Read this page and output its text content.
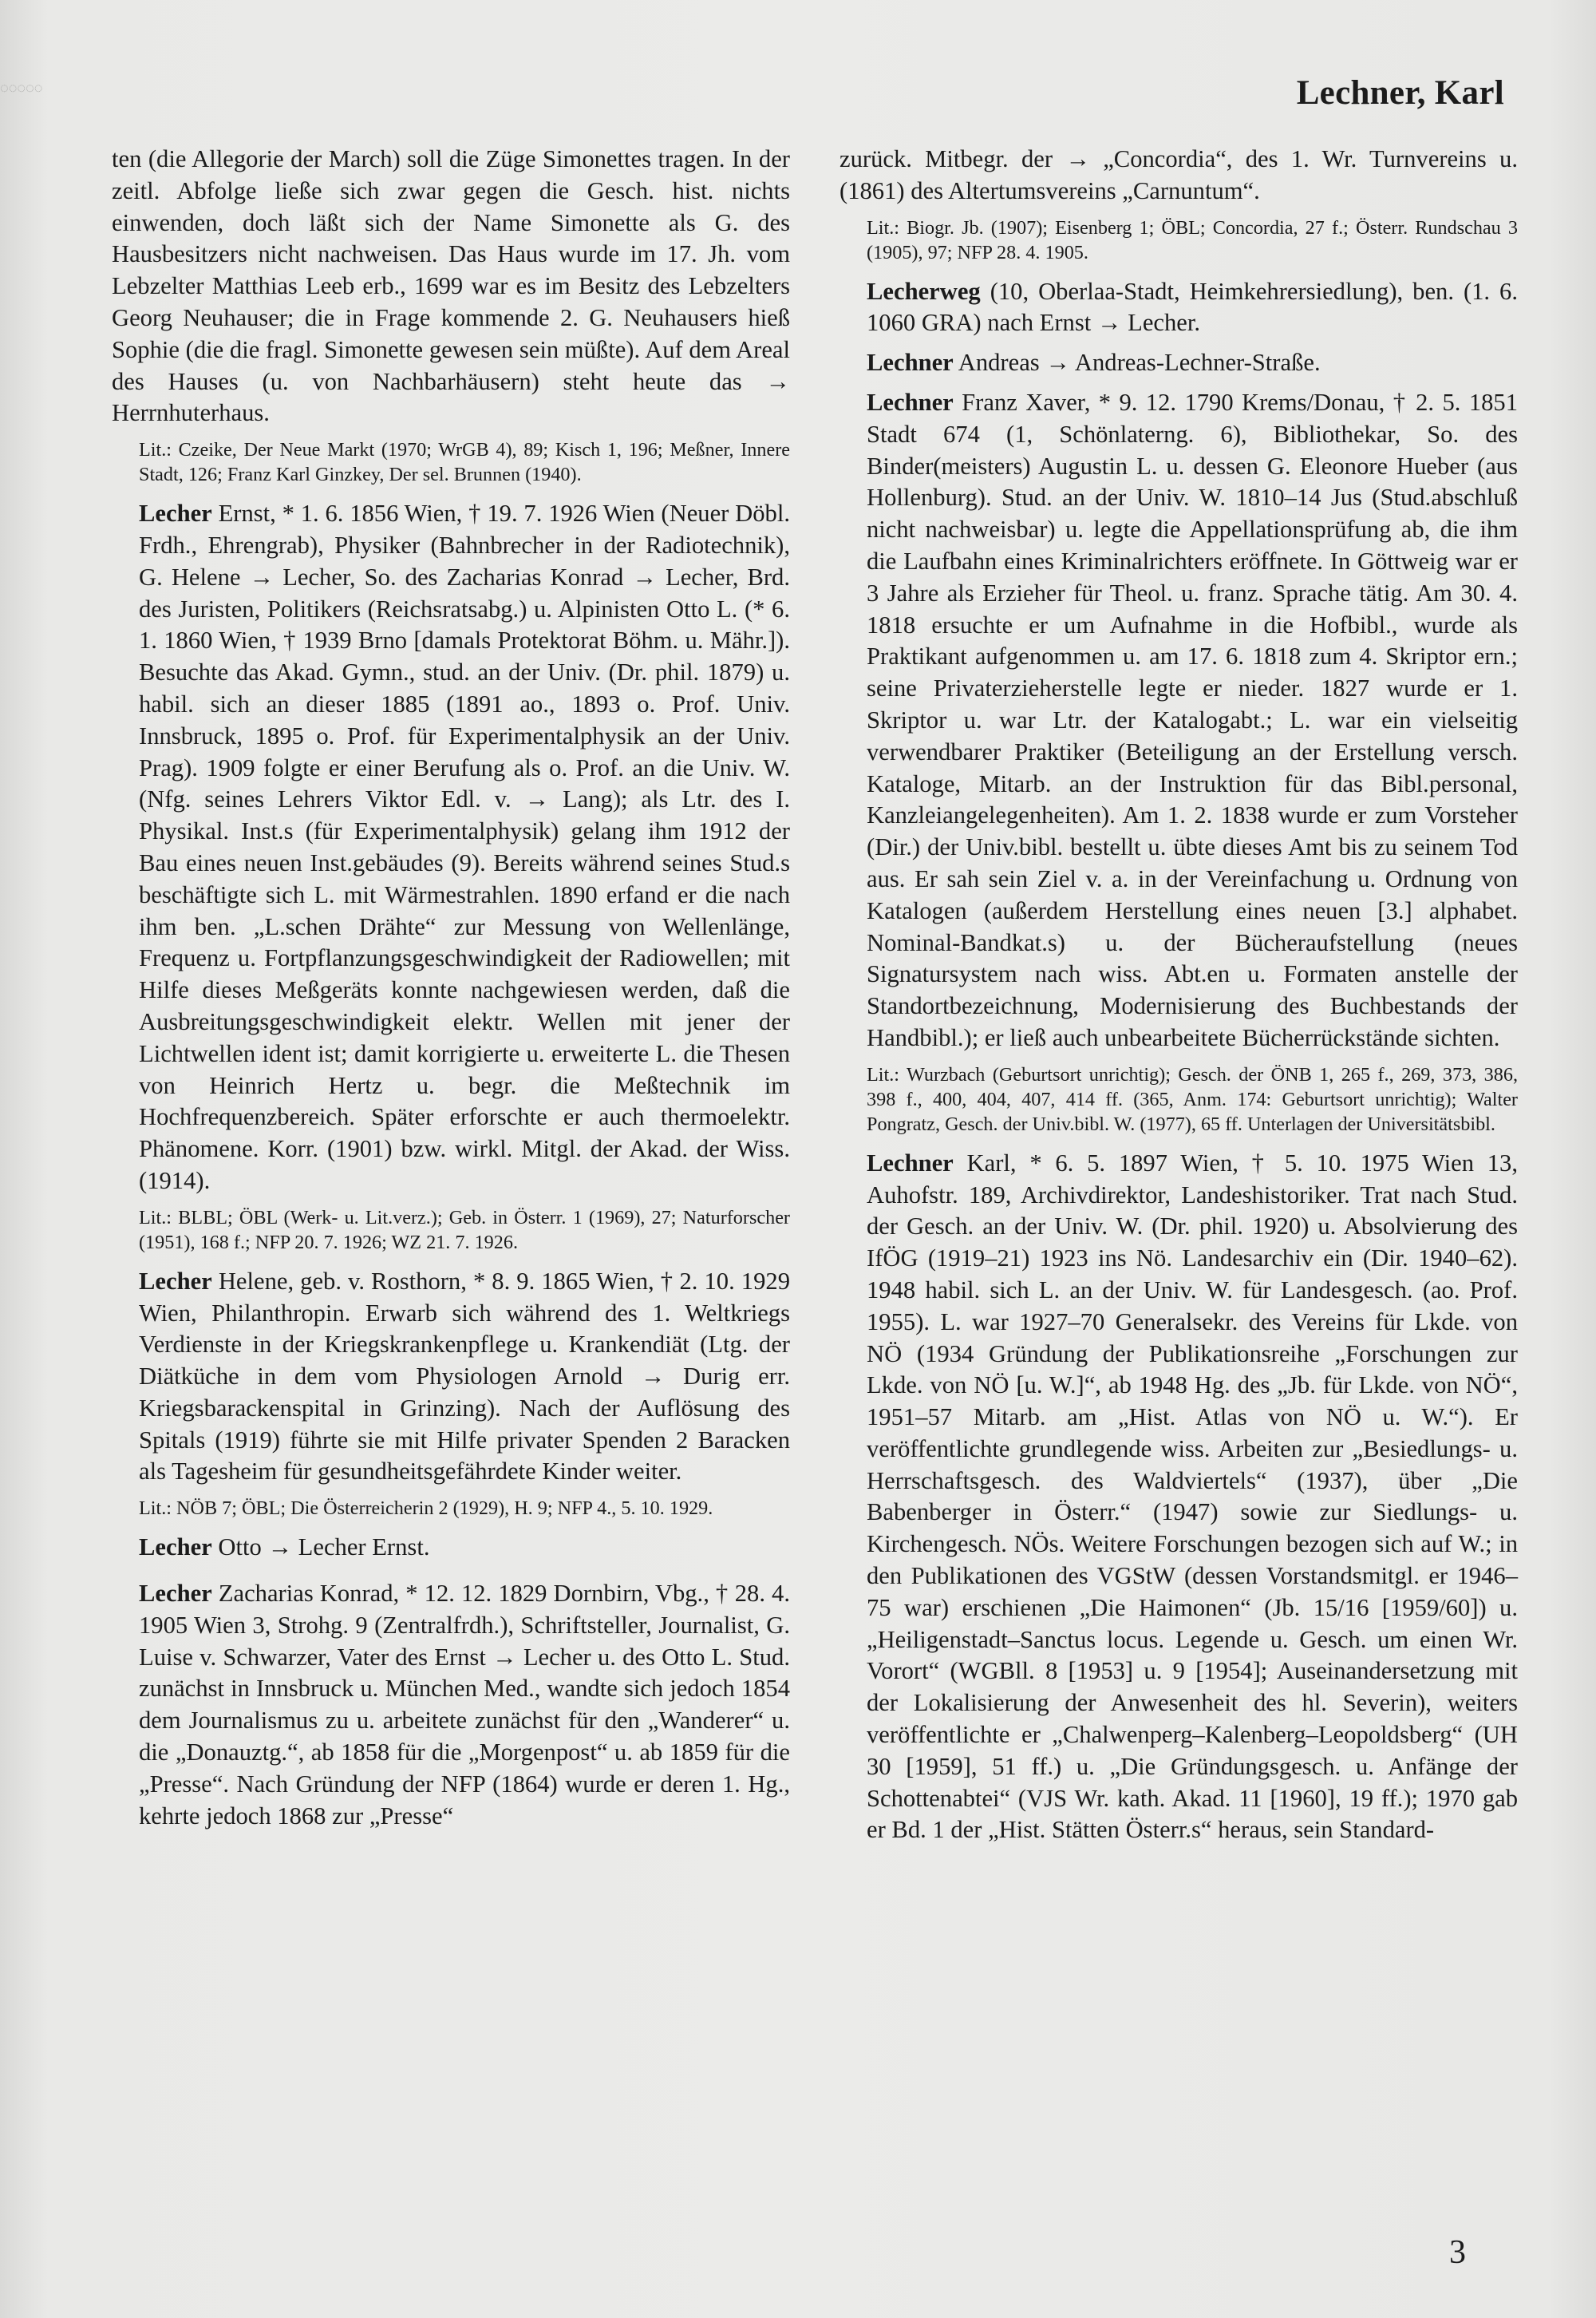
◌◌◌◌◌	Lechner, Karl

ten (die Allegorie der March) soll die Züge Simonettes tragen. In der zeitl. Abfolge ließe sich zwar gegen die Gesch. hist. nichts einwenden, doch läßt sich der Name Simonette als G. des Hausbesitzers nicht nachweisen. Das Haus wurde im 17. Jh. vom Lebzelter Matthias Leeb erb., 1699 war es im Besitz des Lebzelters Georg Neuhauser; die in Frage kommende 2. G. Neuhausers hieß Sophie (die die fragl. Simonette gewesen sein müßte). Auf dem Areal des Hauses (u. von Nachbarhäusern) steht heute das → Herrnhuterhaus.

Lit.: Czeike, Der Neue Markt (1970; WrGB 4), 89; Kisch 1, 196; Meßner, Innere Stadt, 126; Franz Karl Ginzkey, Der sel. Brunnen (1940).

Lecher Ernst, * 1. 6. 1856 Wien, † 19. 7. 1926 Wien (Neuer Döbl. Frdh., Ehrengrab), Physiker (Bahnbrecher in der Radiotechnik), G. Helene → Lecher, So. des Zacharias Konrad → Lecher, Brd. des Juristen, Politikers (Reichsratsabg.) u. Alpinisten Otto L. (* 6. 1. 1860 Wien, † 1939 Brno [damals Protektorat Böhm. u. Mähr.]). Besuchte das Akad. Gymn., stud. an der Univ. (Dr. phil. 1879) u. habil. sich an dieser 1885 (1891 ao., 1893 o. Prof. Univ. Innsbruck, 1895 o. Prof. für Experimentalphysik an der Univ. Prag). 1909 folgte er einer Berufung als o. Prof. an die Univ. W. (Nfg. seines Lehrers Viktor Edl. v. → Lang); als Ltr. des I. Physikal. Inst.s (für Experimentalphysik) gelang ihm 1912 der Bau eines neuen Inst.gebäudes (9). Bereits während seines Stud.s beschäftigte sich L. mit Wärmestrahlen. 1890 erfand er die nach ihm ben. „L.schen Drähte“ zur Messung von Wellenlänge, Frequenz u. Fortpflanzungsgeschwindigkeit der Radiowellen; mit Hilfe dieses Meßgeräts konnte nachgewiesen werden, daß die Ausbreitungsgeschwindigkeit elektr. Wellen mit jener der Lichtwellen ident ist; damit korrigierte u. erweiterte L. die Thesen von Heinrich Hertz u. begr. die Meßtechnik im Hochfrequenzbereich. Später erforschte er auch thermoelektr. Phänomene. Korr. (1901) bzw. wirkl. Mitgl. der Akad. der Wiss. (1914).

Lit.: BLBL; ÖBL (Werk- u. Lit.verz.); Geb. in Österr. 1 (1969), 27; Naturforscher (1951), 168 f.; NFP 20. 7. 1926; WZ 21. 7. 1926.

Lecher Helene, geb. v. Rosthorn, * 8. 9. 1865 Wien, † 2. 10. 1929 Wien, Philanthropin. Erwarb sich während des 1. Weltkriegs Verdienste in der Kriegskrankenpflege u. Krankendiät (Ltg. der Diätküche in dem vom Physiologen Arnold → Durig err. Kriegsbarackenspital in Grinzing). Nach der Auflösung des Spitals (1919) führte sie mit Hilfe privater Spenden 2 Baracken als Tagesheim für gesundheitsgefährdete Kinder weiter.

Lit.: NÖB 7; ÖBL; Die Österreicherin 2 (1929), H. 9; NFP 4., 5. 10. 1929.

Lecher Otto → Lecher Ernst.

Lecher Zacharias Konrad, * 12. 12. 1829 Dornbirn, Vbg., † 28. 4. 1905 Wien 3, Strohg. 9 (Zentralfrdh.), Schriftsteller, Journalist, G. Luise v. Schwarzer, Vater des Ernst → Lecher u. des Otto L. Stud. zunächst in Innsbruck u. München Med., wandte sich jedoch 1854 dem Journalismus zu u. arbeitete zunächst für den „Wanderer“ u. die „Donauztg.“, ab 1858 für die „Morgenpost“ u. ab 1859 für die „Presse“. Nach Gründung der NFP (1864) wurde er deren 1. Hg., kehrte jedoch 1868 zur „Presse“

zurück. Mitbegr. der → „Concordia“, des 1. Wr. Turnvereins u. (1861) des Altertumsvereins „Carnuntum“.

Lit.: Biogr. Jb. (1907); Eisenberg 1; ÖBL; Concordia, 27 f.; Österr. Rundschau 3 (1905), 97; NFP 28. 4. 1905.

Lecherweg (10, Oberlaa-Stadt, Heimkehrersiedlung), ben. (1. 6. 1060 GRA) nach Ernst → Lecher.

Lechner Andreas → Andreas-Lechner-Straße.

Lechner Franz Xaver, * 9. 12. 1790 Krems/Donau, † 2. 5. 1851 Stadt 674 (1, Schönlaterng. 6), Bibliothekar, So. des Binder(meisters) Augustin L. u. dessen G. Eleonore Hueber (aus Hollenburg). Stud. an der Univ. W. 1810–14 Jus (Stud.abschluß nicht nachweisbar) u. legte die Appellationsprüfung ab, die ihm die Laufbahn eines Kriminalrichters eröffnete. In Göttweig war er 3 Jahre als Erzieher für Theol. u. franz. Sprache tätig. Am 30. 4. 1818 ersuchte er um Aufnahme in die Hofbibl., wurde als Praktikant aufgenommen u. am 17. 6. 1818 zum 4. Skriptor ern.; seine Privaterzieherstelle legte er nieder. 1827 wurde er 1. Skriptor u. war Ltr. der Katalogabt.; L. war ein vielseitig verwendbarer Praktiker (Beteiligung an der Erstellung versch. Kataloge, Mitarb. an der Instruktion für das Bibl.personal, Kanzleiangelegenheiten). Am 1. 2. 1838 wurde er zum Vorsteher (Dir.) der Univ.bibl. bestellt u. übte dieses Amt bis zu seinem Tod aus. Er sah sein Ziel v. a. in der Vereinfachung u. Ordnung von Katalogen (außerdem Herstellung eines neuen [3.] alphabet. Nominal-Bandkat.s) u. der Bücheraufstellung (neues Signatursystem nach wiss. Abt.en u. Formaten anstelle der Standortbezeichnung, Modernisierung des Buchbestands der Handbibl.); er ließ auch unbearbeitete Bücherrückstände sichten.

Lit.: Wurzbach (Geburtsort unrichtig); Gesch. der ÖNB 1, 265 f., 269, 373, 386, 398 f., 400, 404, 407, 414 ff. (365, Anm. 174: Geburtsort unrichtig); Walter Pongratz, Gesch. der Univ.bibl. W. (1977), 65 ff. Unterlagen der Universitätsbibl.

Lechner Karl, * 6. 5. 1897 Wien, † 5. 10. 1975 Wien 13, Auhofstr. 189, Archivdirektor, Landeshistoriker. Trat nach Stud. der Gesch. an der Univ. W. (Dr. phil. 1920) u. Absolvierung des IfÖG (1919–21) 1923 ins Nö. Landesarchiv ein (Dir. 1940–62). 1948 habil. sich L. an der Univ. W. für Landesgesch. (ao. Prof. 1955). L. war 1927–70 Generalsekr. des Vereins für Lkde. von NÖ (1934 Gründung der Publikationsreihe „Forschungen zur Lkde. von NÖ [u. W.]“, ab 1948 Hg. des „Jb. für Lkde. von NÖ“, 1951–57 Mitarb. am „Hist. Atlas von NÖ u. W.“). Er veröffentlichte grundlegende wiss. Arbeiten zur „Besiedlungs- u. Herrschaftsgesch. des Waldviertels“ (1937), über „Die Babenberger in Österr.“ (1947) sowie zur Siedlungs- u. Kirchengesch. NÖs. Weitere Forschungen bezogen sich auf W.; in den Publikationen des VGStW (dessen Vorstandsmitgl. er 1946–75 war) erschienen „Die Haimonen“ (Jb. 15/16 [1959/60]) u. „Heiligenstadt–Sanctus locus. Legende u. Gesch. um einen Wr. Vorort“ (WGBll. 8 [1953] u. 9 [1954]; Auseinandersetzung mit der Lokalisierung der Anwesenheit des hl. Severin), weiters veröffentlichte er „Chalwenperg–Kalenberg–Leopoldsberg“ (UH 30 [1959], 51 ff.) u. „Die Gründungsgesch. u. Anfänge der Schottenabtei“ (VJS Wr. kath. Akad. 11 [1960], 19 ff.); 1970 gab er Bd. 1 der „Hist. Stätten Österr.s“ heraus, sein Standard-

3
